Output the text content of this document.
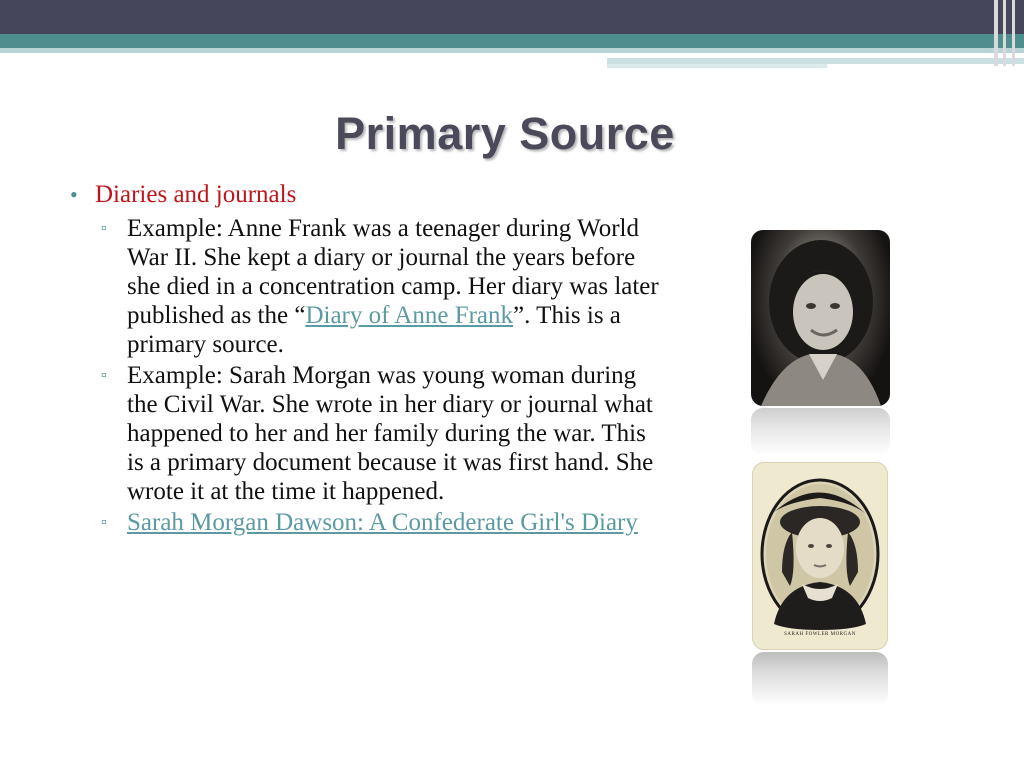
Primary Source
• Diaries and journals
▫ Example: Anne Frank was a teenager during World War II. She kept a diary or journal the years before she died in a concentration camp. Her diary was later published as the “Diary of Anne Frank”. This is a primary source.
▫ Example: Sarah Morgan was young woman during the Civil War. She wrote in her diary or journal what happened to her and her family during the war. This is a primary document because it was first hand. She wrote it at the time it happened.
▫ Sarah Morgan Dawson: A Confederate Girl's Diary
SARAH FOWLER MORGAN
